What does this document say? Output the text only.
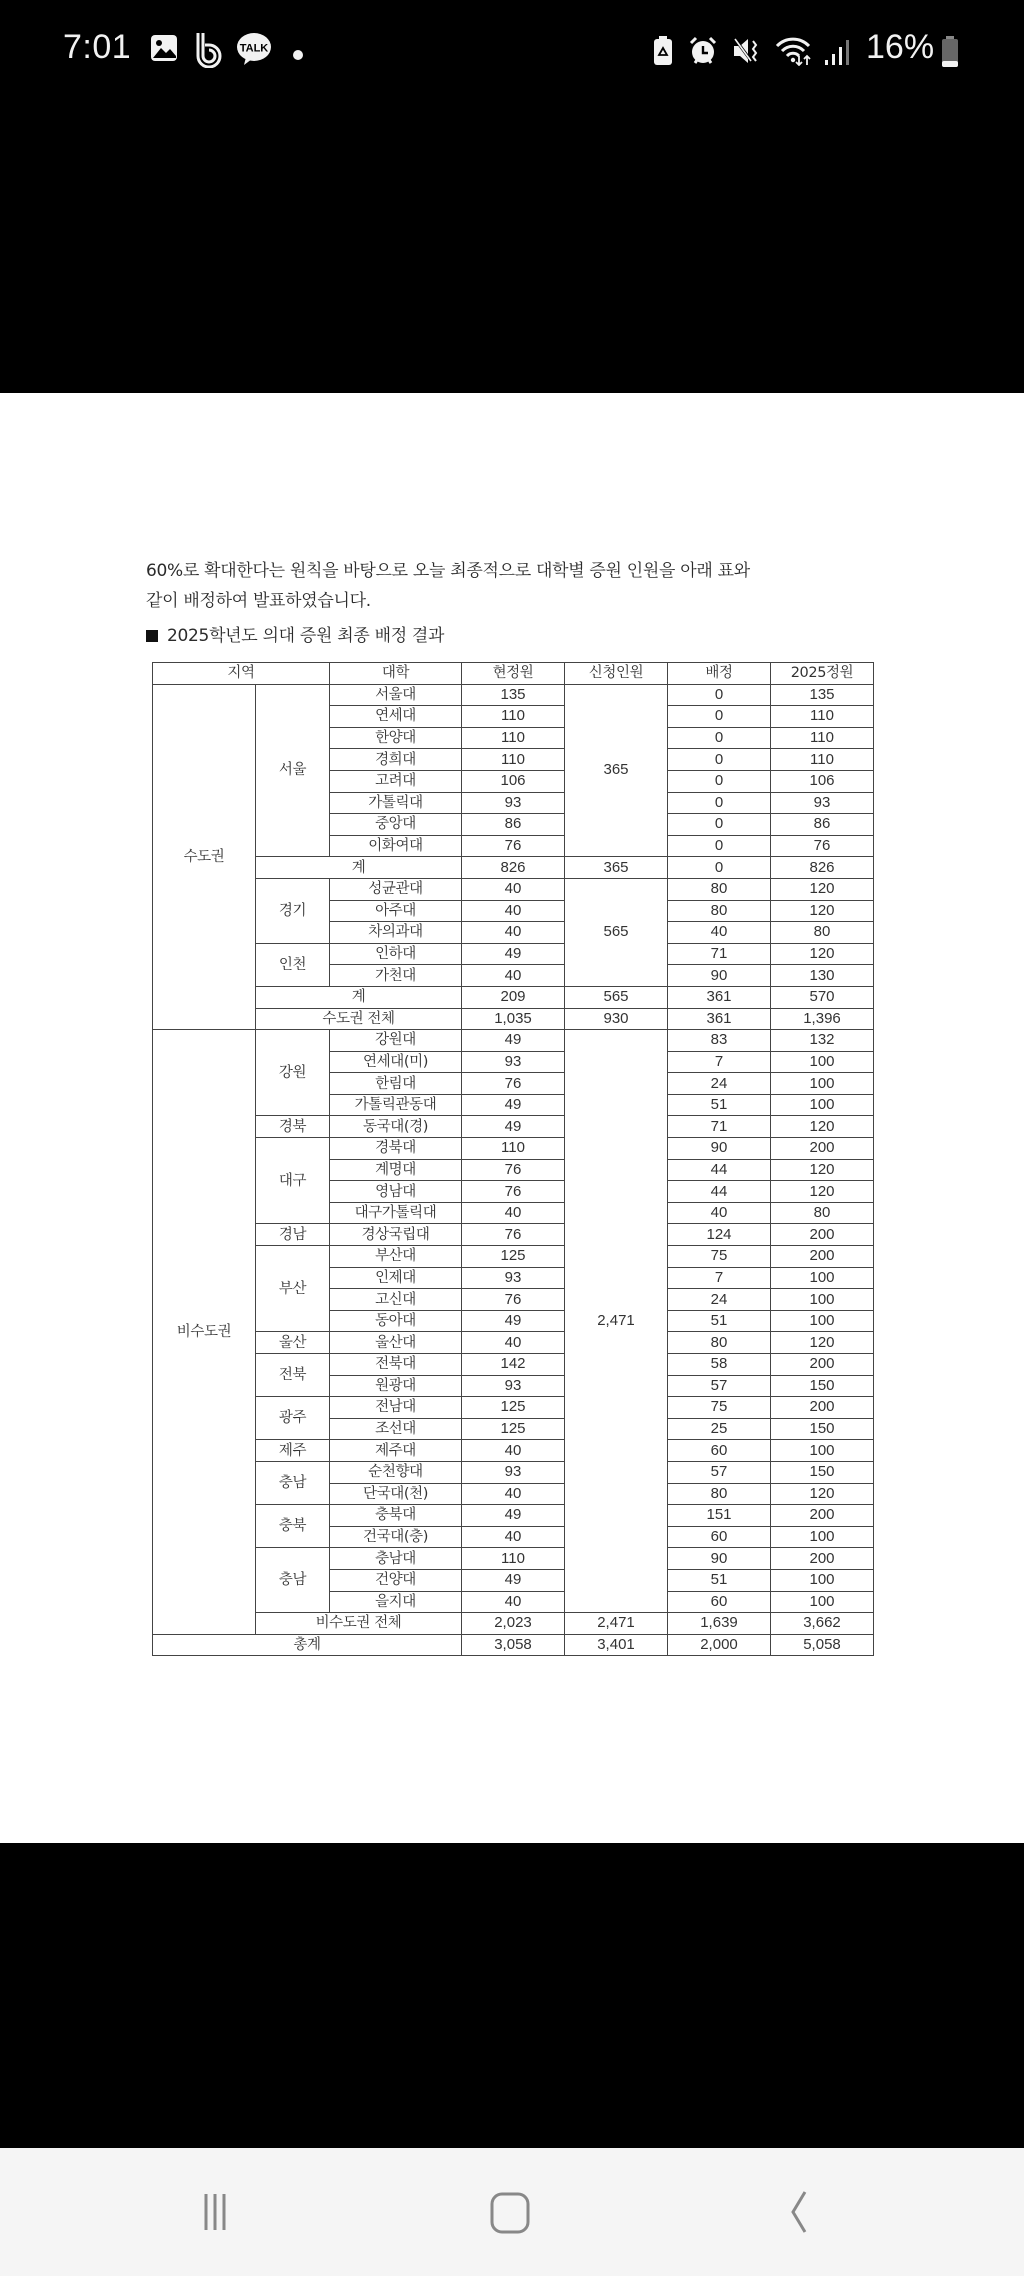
7:01	TALK	16%
60%로 확대한다는 원칙을 바탕으로 오늘 최종적으로 대학별 증원 인원을 아래 표와
같이 배정하여 발표하였습니다.
2025학년도 의대 증원 최종 배정 결과
지역		대학	현정원	신청인원	배정	2025정원
수도권	서울	서울대	135	365	0	135
		연세대	110		0	110
		한양대	110		0	110
		경희대	110		0	110
		고려대	106		0	106
		가톨릭대	93		0	93
		중앙대	86		0	86
		이화여대	76		0	76
	계		826	365	0	826
	경기	성균관대	40	565	80	120
		아주대	40		80	120
		차의과대	40		40	80
	인천	인하대	49		71	120
		가천대	40		90	130
	계		209	565	361	570
	수도권 전체		1,035	930	361	1,396
비수도권	강원	강원대	49	2,471	83	132
		연세대(미)	93		7	100
		한림대	76		24	100
		가톨릭관동대	49		51	100
	경북	동국대(경)	49		71	120
	대구	경북대	110		90	200
		계명대	76		44	120
		영남대	76		44	120
		대구가톨릭대	40		40	80
	경남	경상국립대	76		124	200
	부산	부산대	125		75	200
		인제대	93		7	100
		고신대	76		24	100
		동아대	49		51	100
	울산	울산대	40		80	120
	전북	전북대	142		58	200
		원광대	93		57	150
	광주	전남대	125		75	200
		조선대	125		25	150
	제주	제주대	40		60	100
	충남	순천향대	93		57	150
		단국대(천)	40		80	120
	충북	충북대	49		151	200
		건국대(충)	40		60	100
	충남	충남대	110		90	200
		건양대	49		51	100
		을지대	40		60	100
	비수도권 전체		2,023	2,471	1,639	3,662
총계			3,058	3,401	2,000	5,058
